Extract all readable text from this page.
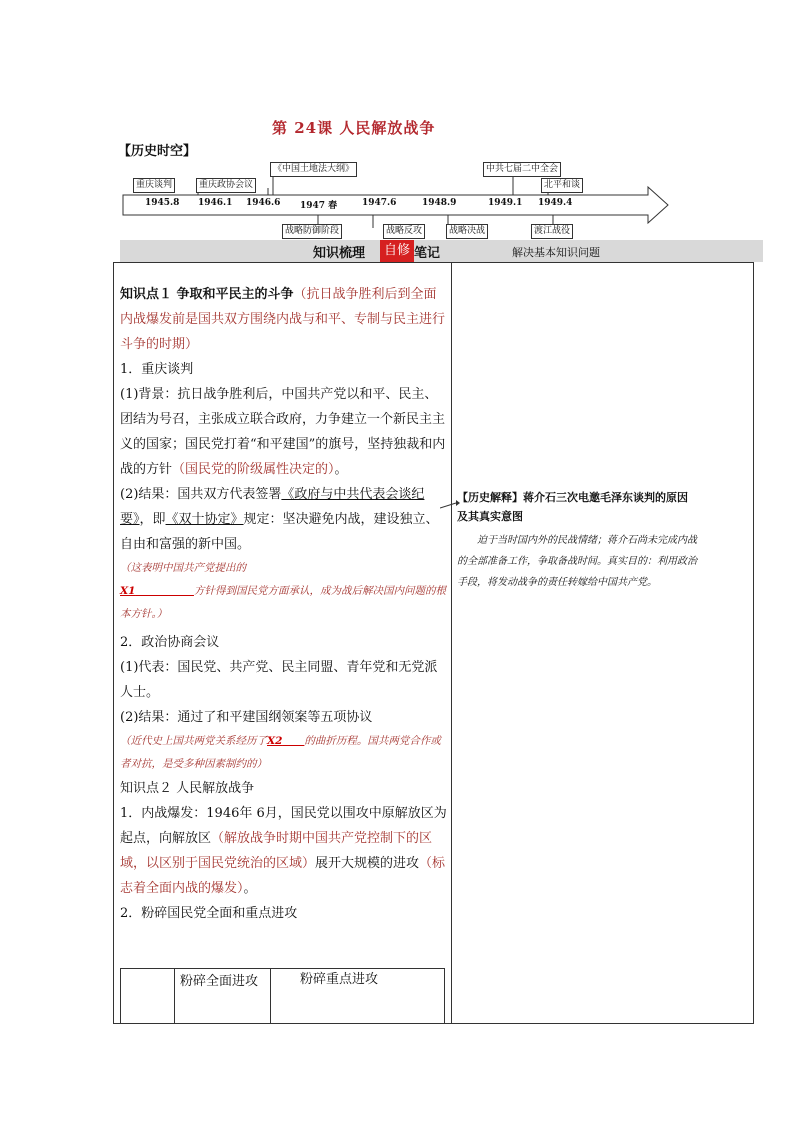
第 24课 人民解放战争
【历史时空】
重庆谈判	重庆政协会议
《中国土地法大纲》	中共七届二中全会
北平和谈
1945.8 1946.1 1946.6 1947 春	1947.6	1948.9	1949.1 1949.4
战略防御阶段	战略反攻	战略决战	渡江战役
知识梳理	自修 笔记	解决基本知识问题

知识点１ 争取和平民主的斗争（抗日战争胜利后到全面内战爆发前是国共双方围绕内战与和平、专制与民主进行斗争的时期）

1．重庆谈判

(1)背景：抗日战争胜利后，中国共产党以和平、民主、团结为号召，主张成立联合政府，力争建立一个新民主主义的国家；国民党打着“和平建国”的旗号，坚持独裁和内战的方针（国民党的阶级属性决定的）。

(2)结果：国共双方代表签署《政府与中共代表会谈纪要》，即《双十协定》规定：坚决避免内战，建设独立、自由和富强的新中国。

（这表明中国共产党提出的
X1	方针得到国民党方面承认，成为战后解决国内问题的根本方针。）

2．政治协商会议

(1)代表：国民党、共产党、民主同盟、青年党和无党派人士。

(2)结果：通过了和平建国纲领案等五项协议

（近代史上国共两党关系经历了X2 的曲折历程。国共两党合作或者对抗，是受多种因素制约的）

知识点２ 人民解放战争

1．内战爆发：1946年 6月，国民党以围攻中原解放区为起点，向解放区（解放战争时期中国共产党控制下的区域，以区别于国民党统治的区域）展开大规模的进攻（标志着全面内战的爆发）。

2．粉碎国民党全面和重点进攻

粉碎全面进攻	粉碎重点进攻
【历史解释】蒋介石三次电邀毛泽东谈判的原因及其真实意图
迫于当时国内外的民战情绪；蒋介石尚未完成内战的全部准备工作，争取备战时间。真实目的：利用政治手段，将发动战争的责任转嫁给中国共产党。
